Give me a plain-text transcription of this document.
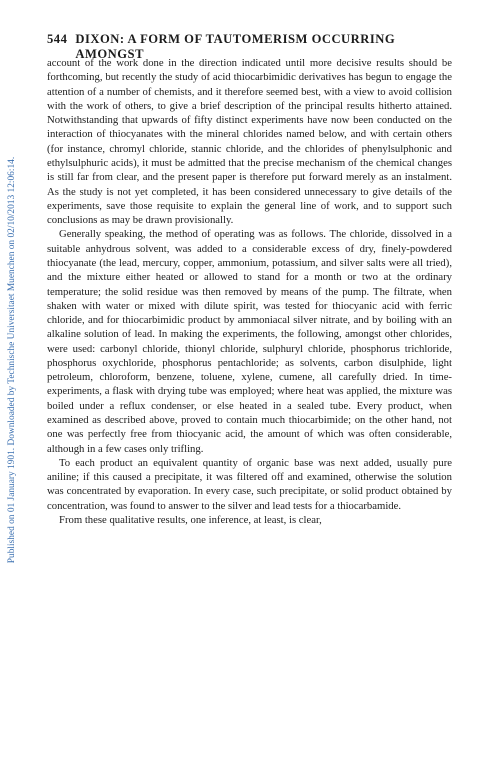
Published on 01 January 1901. Downloaded by Technische Universitaet Muenchen on 02/10/2013 12:06:14.
544 DIXON: A FORM OF TAUTOMERISM OCCURRING AMONGST

account of the work done in the direction indicated until more decisive results should be forthcoming, but recently the study of acid thiocarbimidic derivatives has begun to engage the attention of a number of chemists, and it therefore seemed best, with a view to avoid collision with the work of others, to give a brief description of the principal results hitherto attained. Notwithstanding that upwards of fifty distinct experiments have now been conducted on the interaction of thiocyanates with the mineral chlorides named below, and with certain others (for instance, chromyl chloride, stannic chloride, and the chlorides of phenylsulphonic and ethylsulphuric acids), it must be admitted that the precise mechanism of the chemical changes is still far from clear, and the present paper is therefore put forward merely as an instalment. As the study is not yet completed, it has been considered unnecessary to give details of the experiments, save those requisite to explain the general line of work, and to support such conclusions as may be drawn provisionally.

Generally speaking, the method of operating was as follows. The chloride, dissolved in a suitable anhydrous solvent, was added to a considerable excess of dry, finely-powdered thiocyanate (the lead, mercury, copper, ammonium, potassium, and silver salts were all tried), and the mixture either heated or allowed to stand for a month or two at the ordinary temperature; the solid residue was then removed by means of the pump. The filtrate, when shaken with water or mixed with dilute spirit, was tested for thiocyanic acid with ferric chloride, and for thiocarbimidic product by ammoniacal silver nitrate, and by boiling with an alkaline solution of lead. In making the experiments, the following, amongst other chlorides, were used: carbonyl chloride, thionyl chloride, sulphuryl chloride, phosphorus trichloride, phosphorus oxychloride, phosphorus pentachloride; as solvents, carbon disulphide, light petroleum, chloroform, benzene, toluene, xylene, cumene, all carefully dried. In time-experiments, a flask with drying tube was employed; where heat was applied, the mixture was boiled under a reflux condenser, or else heated in a sealed tube. Every product, when examined as described above, proved to contain much thiocarbimide; on the other hand, not one was perfectly free from thiocyanic acid, the amount of which was often considerable, although in a few cases only trifling.

To each product an equivalent quantity of organic base was next added, usually pure aniline; if this caused a precipitate, it was filtered off and examined, otherwise the solution was concentrated by evaporation. In every case, such precipitate, or solid product obtained by concentration, was found to answer to the silver and lead tests for a thiocarbamide.

From these qualitative results, one inference, at least, is clear,
